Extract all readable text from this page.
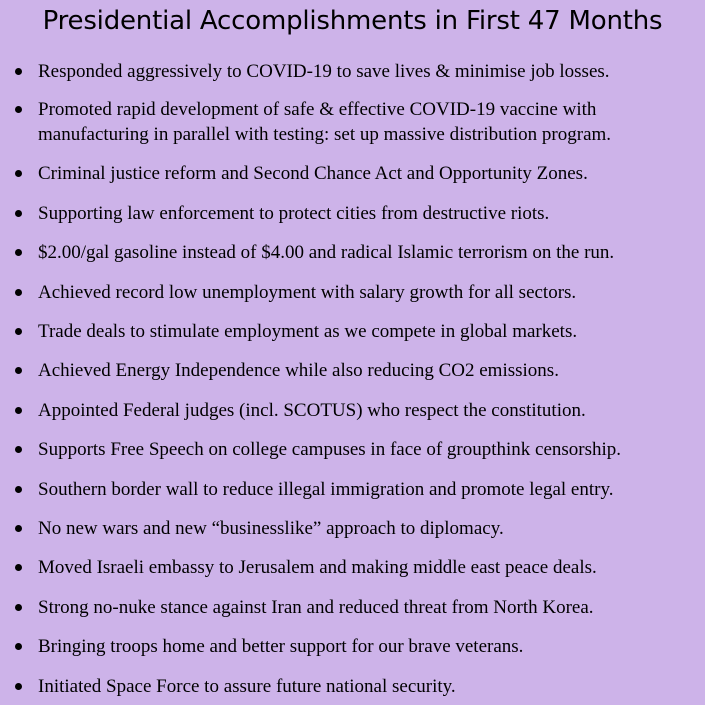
Presidential Accomplishments in First 47 Months
Responded aggressively to COVID-19 to save lives & minimise job losses.
Promoted rapid development of safe & effective COVID-19 vaccine with manufacturing in parallel with testing: set up massive distribution program.
Criminal justice reform and Second Chance Act and Opportunity Zones.
Supporting law enforcement to protect cities from destructive riots.
$2.00/gal gasoline instead of $4.00 and radical Islamic terrorism on the run.
Achieved record low unemployment with salary growth for all sectors.
Trade deals to stimulate employment as we compete in global markets.
Achieved Energy Independence while also reducing CO2 emissions.
Appointed Federal judges (incl. SCOTUS) who respect the constitution.
Supports Free Speech on college campuses in face of groupthink censorship.
Southern border wall to reduce illegal immigration and promote legal entry.
No new wars and new “businesslike” approach to diplomacy.
Moved Israeli embassy to Jerusalem and making middle east peace deals.
Strong no-nuke stance against Iran and reduced threat from North Korea.
Bringing troops home and better support for our brave veterans.
Initiated Space Force to assure future national security.
